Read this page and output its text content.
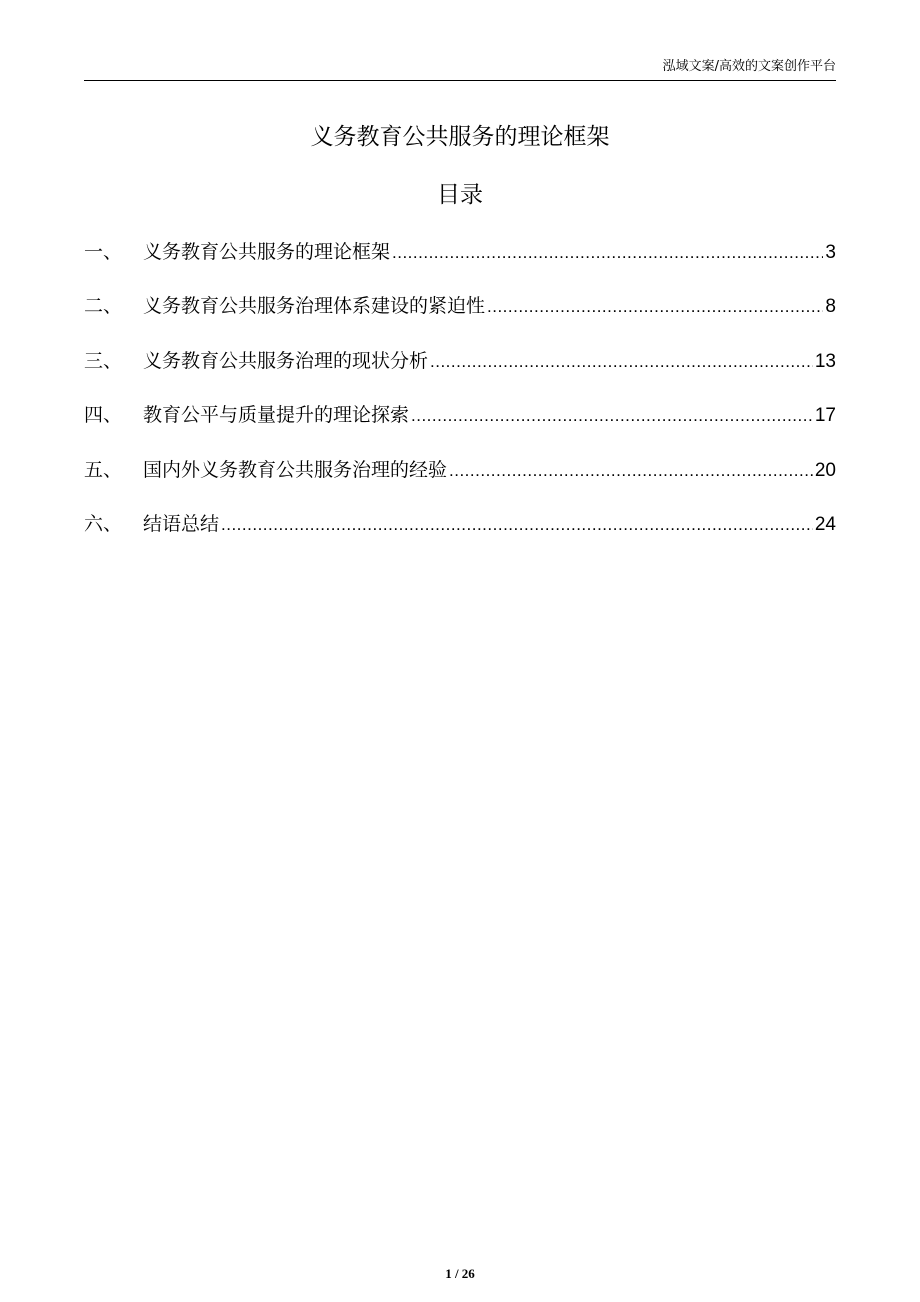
泓域文案/高效的文案创作平台
义务教育公共服务的理论框架
目录
一、	义务教育公共服务的理论框架 .....	3
二、	义务教育公共服务治理体系建设的紧迫性 .....	8
三、	义务教育公共服务治理的现状分析 .....	13
四、	教育公平与质量提升的理论探索 .....	17
五、	国内外义务教育公共服务治理的经验 .....	20
六、	结语总结 .....	24
1 / 26
